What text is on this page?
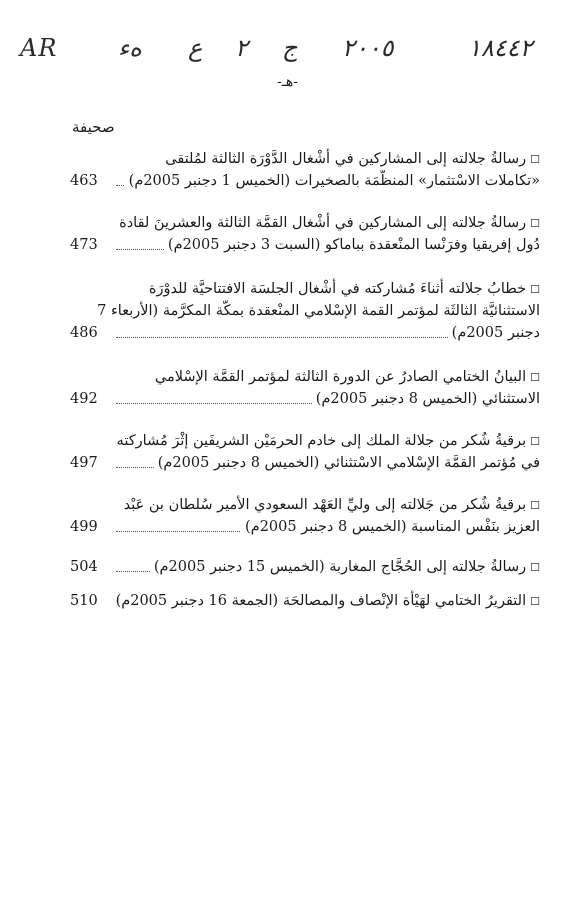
AR	ﻩﺀ ع ٢ ج ٢٠٠٥	١٨٤٤٢
-هـ-
صحيفة
☐رسالةُ جلالته إلى المشاركين في أشْغال الدَّوْرَة الثالثة لمُلتقى
«تكاملات الاسْتثمار» المنظَّمَة بالصخيرات (الخميس 1 دجنبر 2005م)
463
☐رسالةُ جلالته إلى المشاركين في أشْغال القمَّة الثالثة والعشرينَ لقادة
دُول إفريقيا وفرَنْسا المنْعقدة بباماكو (السبت 3 دجنبر 2005م)
473
☐خطابُ جلالته أثناءَ مُشاركته في أشْغال الجلسَة الافتتاحيَّة للدوْرَة
الاستثنائيَّة الثالثَة لمؤتمر القمة الإسْلامي المنْعقدة بمكَّة المكرَّمة (الأربعاء 7
دجنبر 2005م)
486
☐البيانُ الختامي الصادرُ عن الدورة الثالثة لمؤتمر القمَّة الإسْلامي
الاستثنائي (الخميس 8 دجنبر 2005م)
492
☐برقيةُ شُكر من جلالة الملك إلى خادم الحرمَيْن الشريفَين إثْرَ مُشاركته
في مُؤتمر القمَّة الإسْلامي الاسْتثنائي (الخميس 8 دجنبر 2005م)
497
☐برقيةُ شُكر من جَلالته إلى وليِّ العَهْد السعودي الأمير سُلطان بن عَبْد
العزيز بنَفْس المناسبة (الخميس 8 دجنبر 2005م)
499
☐رسالةُ جلالته إلى الحُجَّاج المغاربة (الخميس 15 دجنبر 2005م)
504
☐التقريرُ الختامي لهَيْأة الإنْصاف والمصالحَة (الجمعة 16 دجنبر 2005م)
510
